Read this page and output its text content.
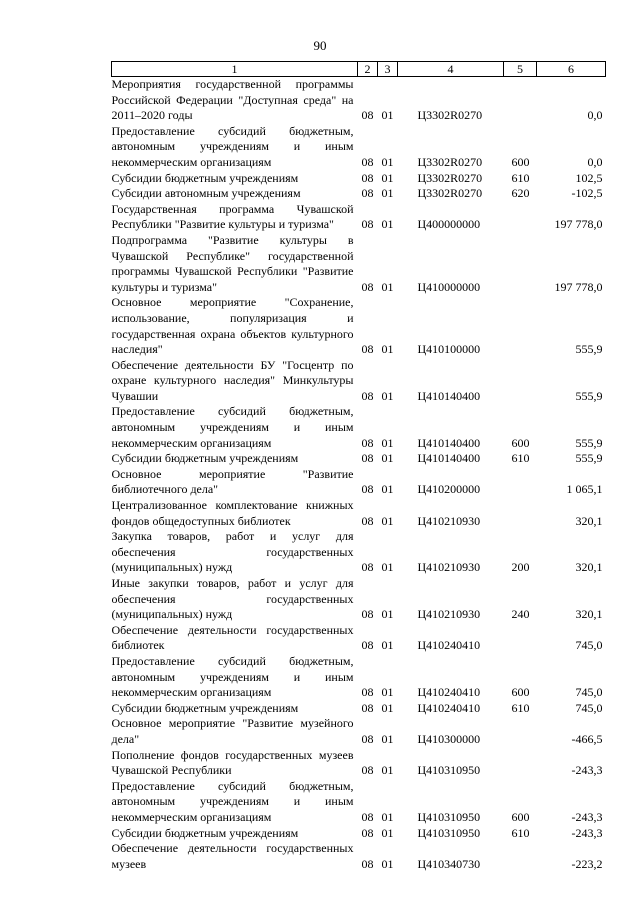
90
1	2	3	4	5	6
Мероприятия государственной программы Российской Федерации "Доступная среда" на 2011–2020 годы	08	01	Ц3302R0270		0,0
Предоставление субсидий бюджетным, автономным учреждениям и иным некоммерческим организациям	08	01	Ц3302R0270	600	0,0
Субсидии бюджетным учреждениям	08	01	Ц3302R0270	610	102,5
Субсидии автономным учреждениям	08	01	Ц3302R0270	620	-102,5
Государственная программа Чувашской Республики "Развитие культуры и туризма"	08	01	Ц400000000		197 778,0
Подпрограмма "Развитие культуры в Чувашской Республике" государственной программы Чувашской Республики "Развитие культуры и туризма"	08	01	Ц410000000		197 778,0
Основное мероприятие "Сохранение, использование, популяризация и государственная охрана объектов культурного наследия"	08	01	Ц410100000		555,9
Обеспечение деятельности БУ "Госцентр по охране культурного наследия" Минкультуры Чувашии	08	01	Ц410140400		555,9
Предоставление субсидий бюджетным, автономным учреждениям и иным некоммерческим организациям	08	01	Ц410140400	600	555,9
Субсидии бюджетным учреждениям	08	01	Ц410140400	610	555,9
Основное мероприятие "Развитие библиотечного дела"	08	01	Ц410200000		1 065,1
Централизованное комплектование книжных фондов общедоступных библиотек	08	01	Ц410210930		320,1
Закупка товаров, работ и услуг для обеспечения государственных (муниципальных) нужд	08	01	Ц410210930	200	320,1
Иные закупки товаров, работ и услуг для обеспечения государственных (муниципальных) нужд	08	01	Ц410210930	240	320,1
Обеспечение деятельности государственных библиотек	08	01	Ц410240410		745,0
Предоставление субсидий бюджетным, автономным учреждениям и иным некоммерческим организациям	08	01	Ц410240410	600	745,0
Субсидии бюджетным учреждениям	08	01	Ц410240410	610	745,0
Основное мероприятие "Развитие музейного дела"	08	01	Ц410300000		-466,5
Пополнение фондов государственных музеев Чувашской Республики	08	01	Ц410310950		-243,3
Предоставление субсидий бюджетным, автономным учреждениям и иным некоммерческим организациям	08	01	Ц410310950	600	-243,3
Субсидии бюджетным учреждениям	08	01	Ц410310950	610	-243,3
Обеспечение деятельности государственных музеев	08	01	Ц410340730		-223,2
